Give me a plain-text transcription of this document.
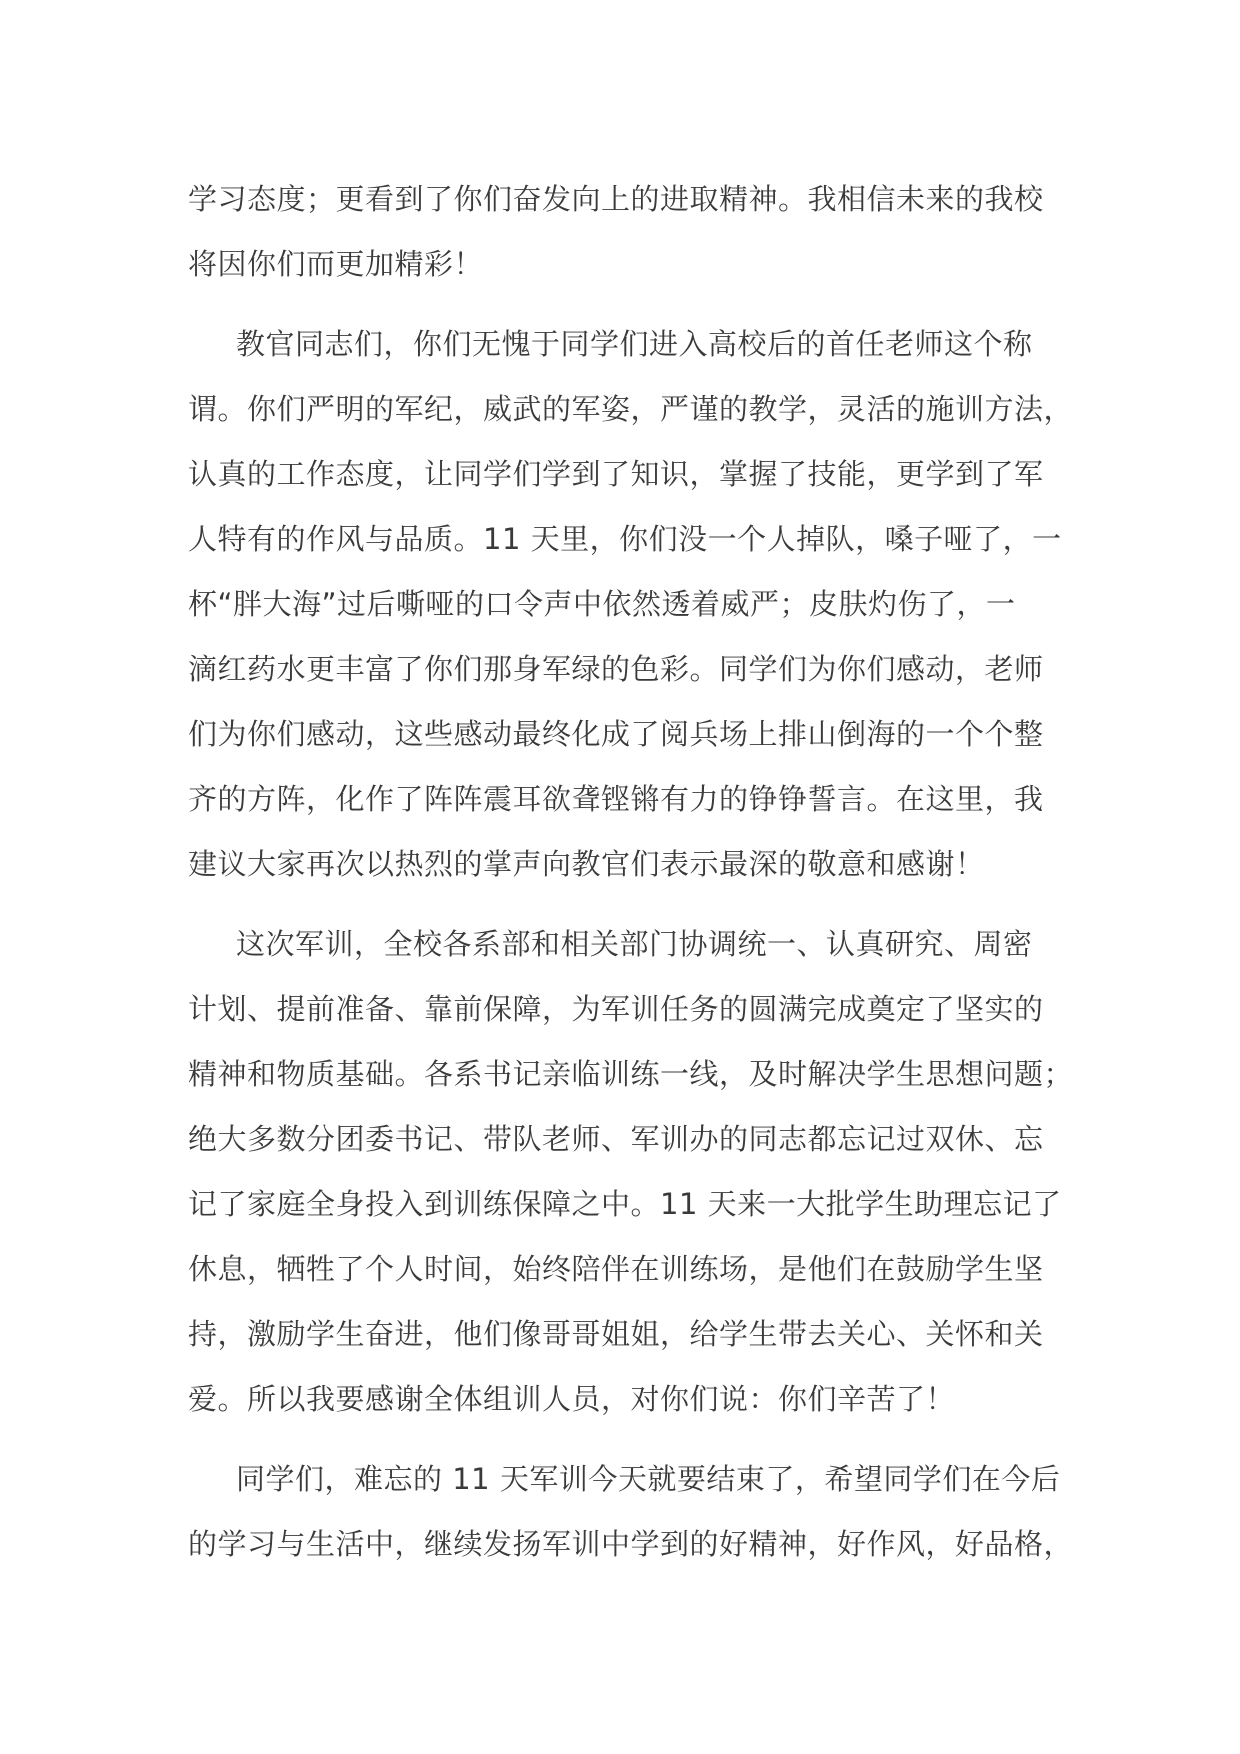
学习态度；更看到了你们奋发向上的进取精神。我相信未来的我校
将因你们而更加精彩！
教官同志们，你们无愧于同学们进入高校后的首任老师这个称
谓。你们严明的军纪，威武的军姿，严谨的教学，灵活的施训方法，
认真的工作态度，让同学们学到了知识，掌握了技能，更学到了军
人特有的作风与品质。11 天里，你们没一个人掉队，嗓子哑了，一
杯“胖大海”过后嘶哑的口令声中依然透着威严；皮肤灼伤了，一
滴红药水更丰富了你们那身军绿的色彩。同学们为你们感动，老师
们为你们感动，这些感动最终化成了阅兵场上排山倒海的一个个整
齐的方阵，化作了阵阵震耳欲聋铿锵有力的铮铮誓言。在这里，我
建议大家再次以热烈的掌声向教官们表示最深的敬意和感谢！
这次军训，全校各系部和相关部门协调统一、认真研究、周密
计划、提前准备、靠前保障，为军训任务的圆满完成奠定了坚实的
精神和物质基础。各系书记亲临训练一线，及时解决学生思想问题；
绝大多数分团委书记、带队老师、军训办的同志都忘记过双休、忘
记了家庭全身投入到训练保障之中。11 天来一大批学生助理忘记了
休息，牺牲了个人时间，始终陪伴在训练场，是他们在鼓励学生坚
持，激励学生奋进，他们像哥哥姐姐，给学生带去关心、关怀和关
爱。所以我要感谢全体组训人员，对你们说：你们辛苦了！
同学们，难忘的 11 天军训今天就要结束了，希望同学们在今后
的学习与生活中，继续发扬军训中学到的好精神，好作风，好品格，
